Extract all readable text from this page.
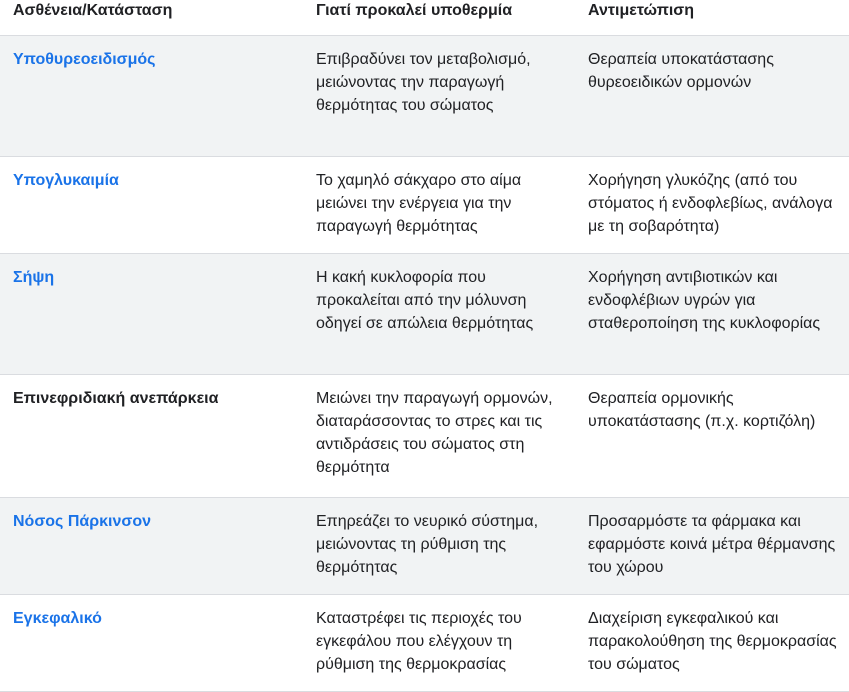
Ασθένεια/Κατάσταση	Γιατί προκαλεί υποθερμία	Αντιμετώπιση
Υποθυρεοειδισμός	Επιβραδύνει τον μεταβολισμό, μειώνοντας την παραγωγή θερμότητας του σώματος	Θεραπεία υποκατάστασης θυρεοειδικών ορμονών
Υπογλυκαιμία	Το χαμηλό σάκχαρο στο αίμα μειώνει την ενέργεια για την παραγωγή θερμότητας	Χορήγηση γλυκόζης (από του στόματος ή ενδοφλεβίως, ανάλογα με τη σοβαρότητα)
Σήψη	Η κακή κυκλοφορία που προκαλείται από την μόλυνση οδηγεί σε απώλεια θερμότητας	Χορήγηση αντιβιοτικών και ενδοφλέβιων υγρών για σταθεροποίηση της κυκλοφορίας
Επινεφριδιακή ανεπάρκεια	Μειώνει την παραγωγή ορμονών, διαταράσσοντας το στρες και τις αντιδράσεις του σώματος στη θερμότητα	Θεραπεία ορμονικής υποκατάστασης (π.χ. κορτιζόλη)
Νόσος Πάρκινσον	Επηρεάζει το νευρικό σύστημα, μειώνοντας τη ρύθμιση της θερμότητας	Προσαρμόστε τα φάρμακα και εφαρμόστε κοινά μέτρα θέρμανσης του χώρου
Εγκεφαλικό	Καταστρέφει τις περιοχές του εγκεφάλου που ελέγχουν τη ρύθμιση της θερμοκρασίας	Διαχείριση εγκεφαλικού και παρακολούθηση της θερμοκρασίας του σώματος
